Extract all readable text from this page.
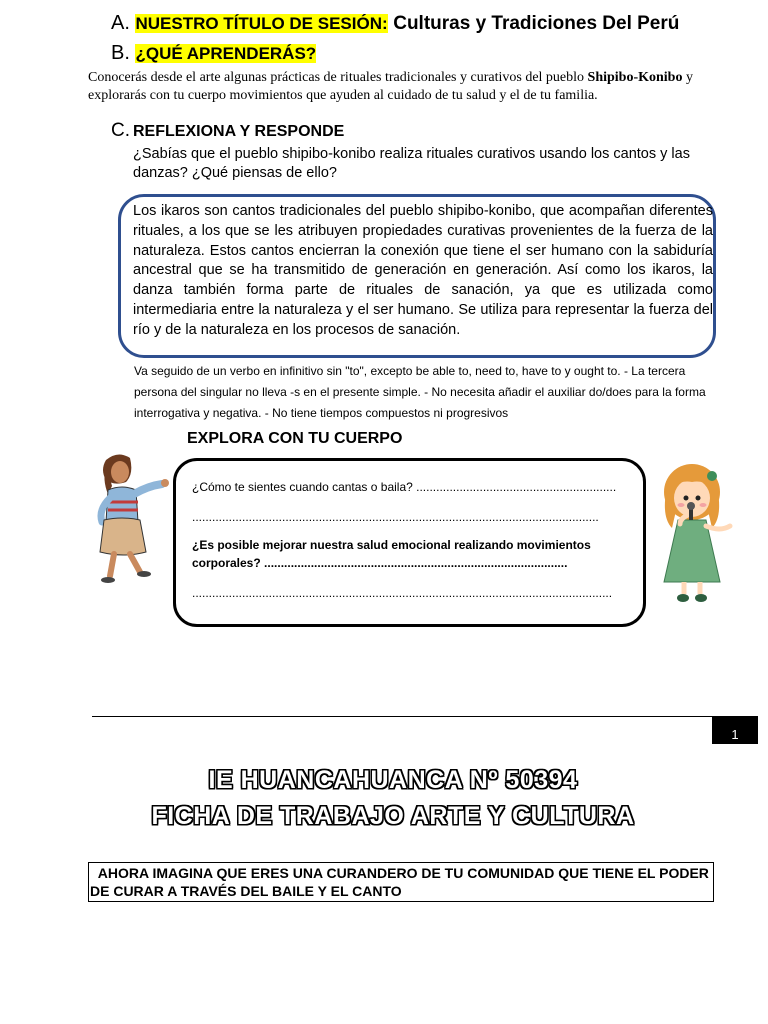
A. NUESTRO TÍTULO DE SESIÓN: Culturas y Tradiciones Del Perú
B. ¿QUÉ APRENDERÁS?
Conocerás desde el arte algunas prácticas de rituales tradicionales y curativos del pueblo Shipibo-Konibo y explorarás con tu cuerpo movimientos que ayuden al cuidado de tu salud y el de tu familia.
C. REFLEXIONA Y RESPONDE
¿Sabías que el pueblo shipibo-konibo realiza rituales curativos usando los cantos y las danzas? ¿Qué piensas de ello?
Los ikaros son cantos tradicionales del pueblo shipibo-konibo, que acompañan diferentes rituales, a los que se les atribuyen propiedades curativas provenientes de la fuerza de la naturaleza. Estos cantos encierran la conexión que tiene el ser humano con la sabiduría ancestral que se ha transmitido de generación en generación. Así como los ikaros, la danza también forma parte de rituales de sanación, ya que es utilizada como intermediaria entre la naturaleza y el ser humano. Se utiliza para representar la fuerza del río y de la naturaleza en los procesos de sanación.
Va seguido de un verbo en infinitivo sin "to", excepto be able to, need to, have to y ought to. - La tercera persona del singular no lleva -s en el presente simple. - No necesita añadir el auxiliar do/does para la forma interrogativa y negativa. - No tiene tiempos compuestos ni progresivos
EXPLORA CON TU CUERPO
¿Cómo te sientes cuando cantas o baila? ............................................................
..........................................................................................................................
¿Es posible mejorar nuestra salud emocional realizando movimientos corporales? ...........................................................................................
..............................................................................................................................
1
IE HUANCAHUANCA Nº 50394
FICHA DE TRABAJO ARTE Y CULTURA
AHORA IMAGINA QUE ERES UNA CURANDERO DE TU COMUNIDAD QUE TIENE EL PODER DE CURAR A TRAVÉS DEL BAILE Y EL CANTO
